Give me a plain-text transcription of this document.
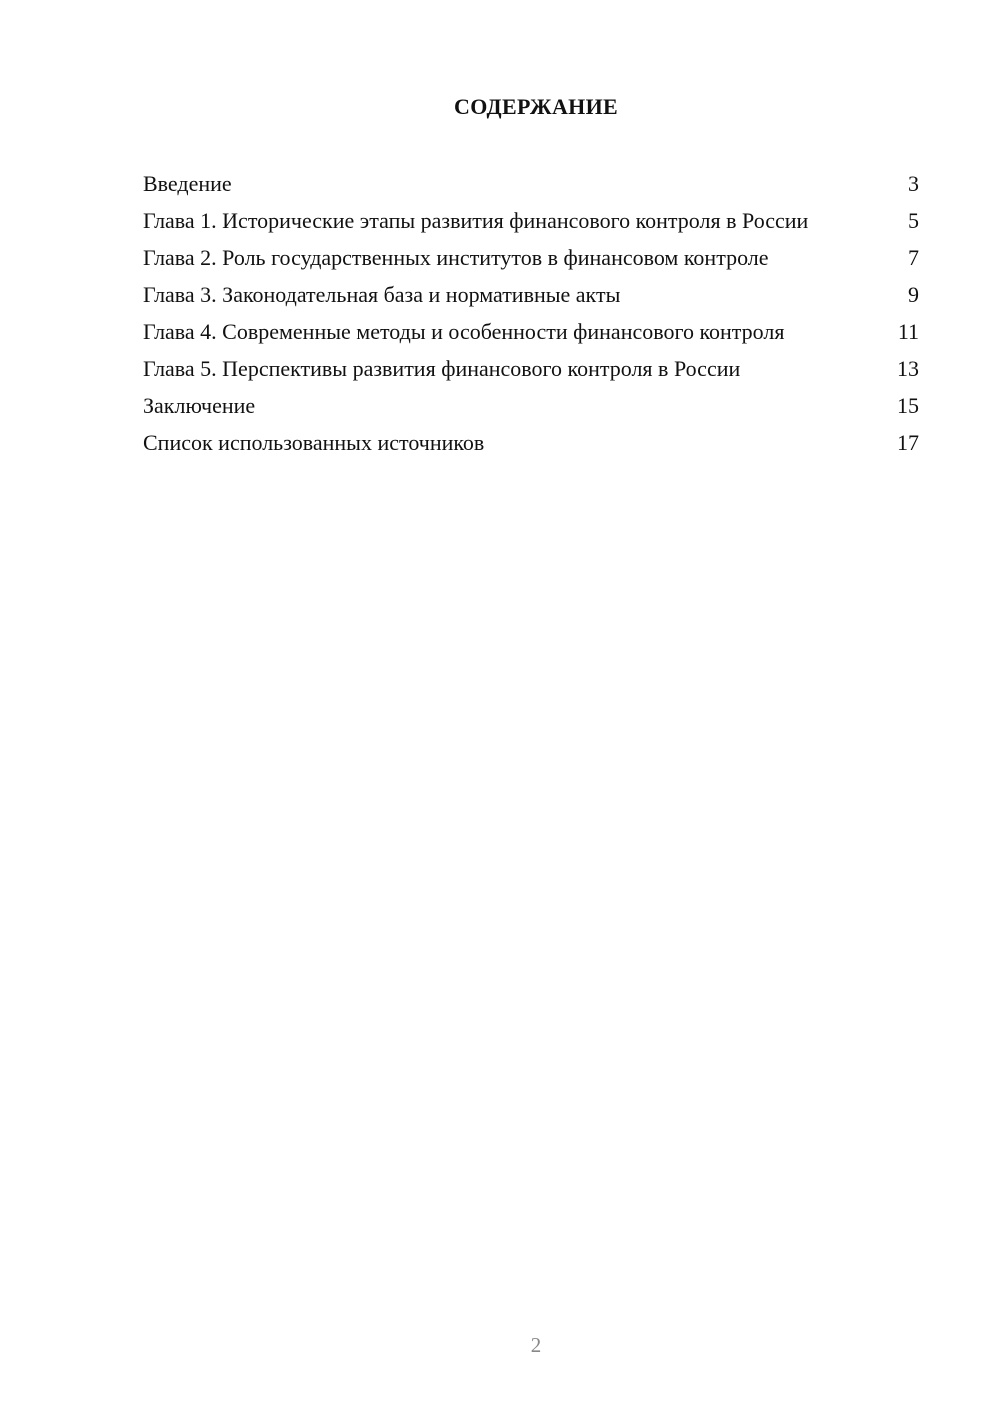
СОДЕРЖАНИЕ
Введение	3
Глава 1. Исторические этапы развития финансового контроля в России	5
Глава 2. Роль государственных институтов в финансовом контроле	7
Глава 3. Законодательная база и нормативные акты	9
Глава 4. Современные методы и особенности финансового контроля	11
Глава 5. Перспективы развития финансового контроля в России	13
Заключение	15
Список использованных источников	17
2
